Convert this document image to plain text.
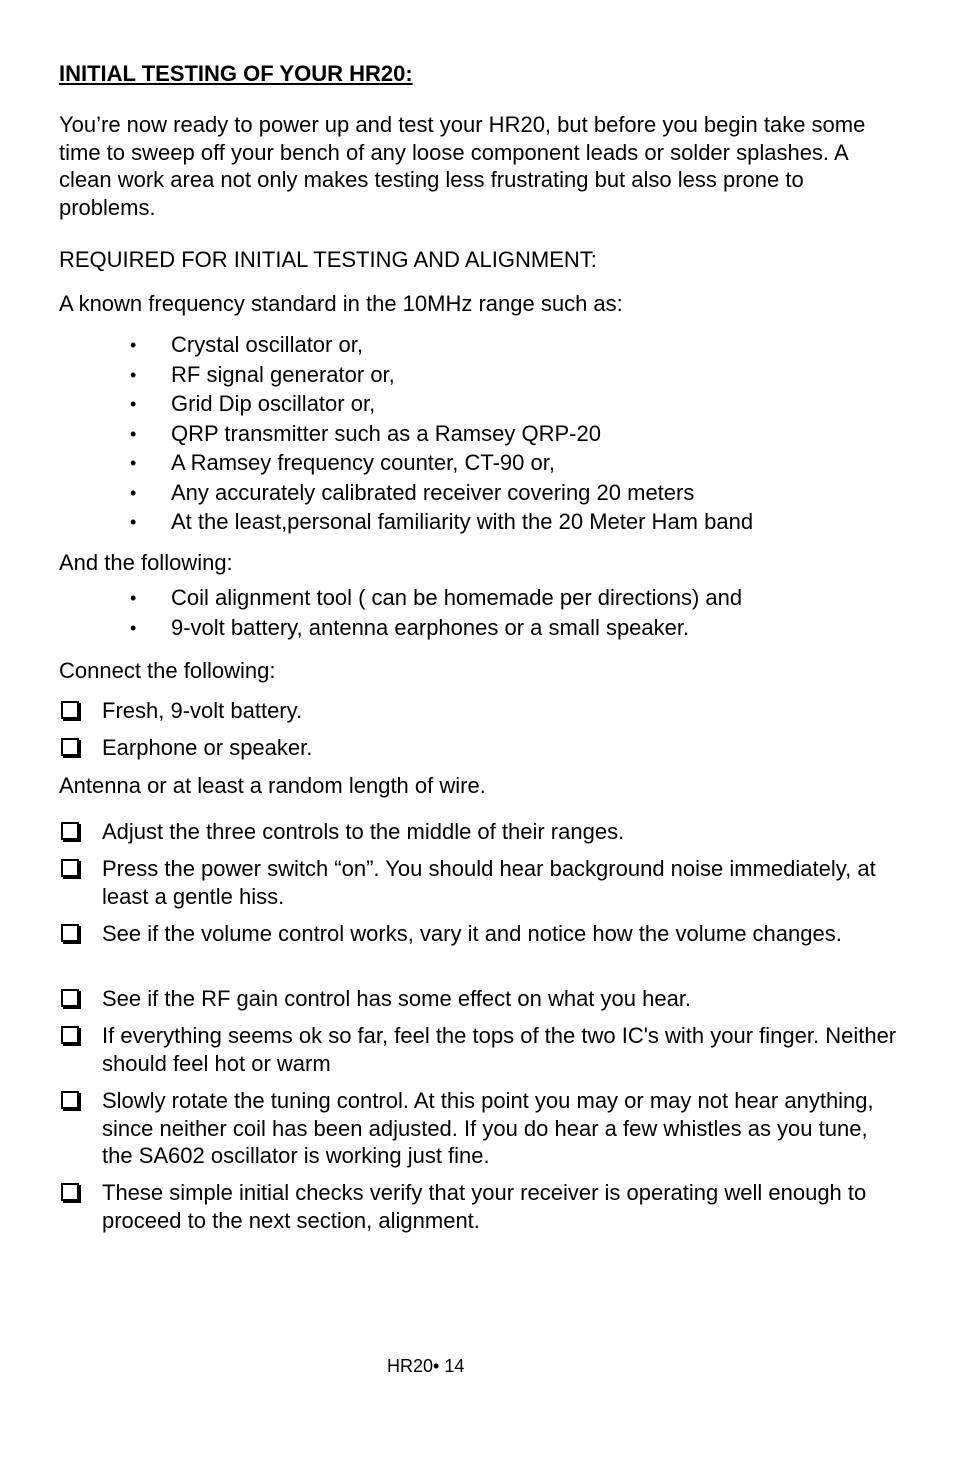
INITIAL TESTING OF YOUR HR20:
You’re now ready to power up and test your HR20, but before you begin take some time to sweep off your bench of any loose component leads or solder splashes. A clean work area not only makes testing less frustrating but also less prone to problems.
REQUIRED FOR INITIAL TESTING AND ALIGNMENT:
A known frequency standard in the 10MHz range such as:
• Crystal oscillator or,
• RF signal generator or,
• Grid Dip oscillator or,
• QRP transmitter such as a Ramsey QRP-20
• A Ramsey frequency counter, CT-90 or,
• Any accurately calibrated receiver covering 20 meters
• At the least,personal familiarity with the 20 Meter Ham band
And the following:
• Coil alignment tool ( can be homemade per directions) and
• 9-volt battery, antenna earphones or a small speaker.
Connect the following:
Fresh, 9-volt battery.
Earphone or speaker.
Antenna or at least a random length of wire.
Adjust the three controls to the middle of their ranges.
Press the power switch “on”. You should hear background noise immediately, at least a gentle hiss.
See if the volume control works, vary it and notice how the volume changes.
See if the RF gain control has some effect on what you hear.
If everything seems ok so far, feel the tops of the two IC's with your finger. Neither should feel hot or warm
Slowly rotate the tuning control. At this point you may or may not hear anything, since neither coil has been adjusted. If you do hear a few whistles as you tune, the SA602 oscillator is working just fine.
These simple initial checks verify that your receiver is operating well enough to proceed to the next section, alignment.
HR20• 14
